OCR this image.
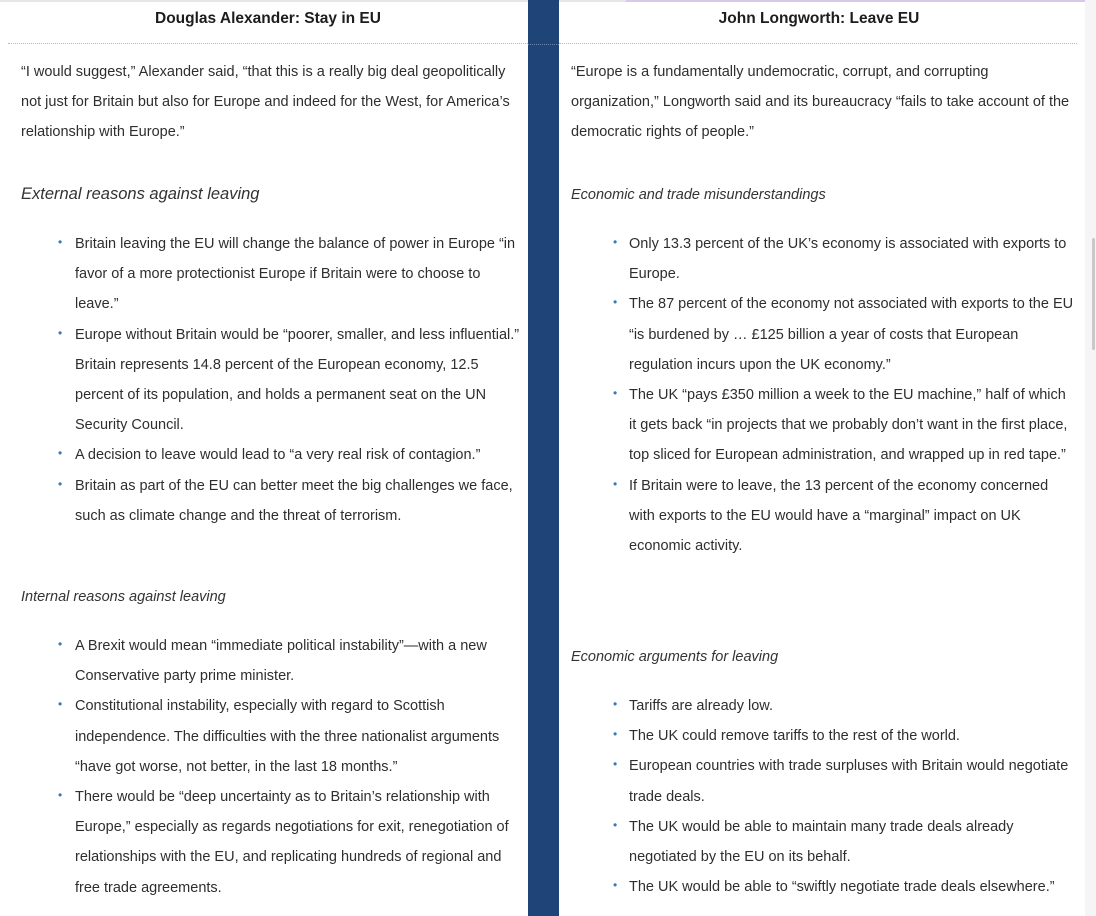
Douglas Alexander: Stay in EU

“I would suggest,” Alexander said, “that this is a really big deal geopolitically not just for Britain but also for Europe and indeed for the West, for America’s relationship with Europe.”

External reasons against leaving
• Britain leaving the EU will change the balance of power in Europe “in favor of a more protectionist Europe if Britain were to choose to leave.”
• Europe without Britain would be “poorer, smaller, and less influential.” Britain represents 14.8 percent of the European economy, 12.5 percent of its population, and holds a permanent seat on the UN Security Council.
• A decision to leave would lead to “a very real risk of contagion.”
• Britain as part of the EU can better meet the big challenges we face, such as climate change and the threat of terrorism.
Internal reasons against leaving
• A Brexit would mean “immediate political instability”—with a new Conservative party prime minister.
• Constitutional instability, especially with regard to Scottish independence. The difficulties with the three nationalist arguments “have got worse, not better, in the last 18 months.”
• There would be “deep uncertainty as to Britain’s relationship with Europe,” especially as regards negotiations for exit, renegotiation of relationships with the EU, and replicating hundreds of regional and free trade agreements.
John Longworth: Leave EU

“Europe is a fundamentally undemocratic, corrupt, and corrupting organization,” Longworth said and its bureaucracy “fails to take account of the democratic rights of people.”

Economic and trade misunderstandings
• Only 13.3 percent of the UK’s economy is associated with exports to Europe.
• The 87 percent of the economy not associated with exports to the EU “is burdened by … £125 billion a year of costs that European regulation incurs upon the UK economy.”
• The UK “pays £350 million a week to the EU machine,” half of which it gets back “in projects that we probably don’t want in the first place, top sliced for European administration, and wrapped up in red tape.”
• If Britain were to leave, the 13 percent of the economy concerned with exports to the EU would have a “marginal” impact on UK economic activity.
Economic arguments for leaving
• Tariffs are already low.
• The UK could remove tariffs to the rest of the world.
• European countries with trade surpluses with Britain would negotiate trade deals.
• The UK would be able to maintain many trade deals already negotiated by the EU on its behalf.
• The UK would be able to “swiftly negotiate trade deals elsewhere.”
